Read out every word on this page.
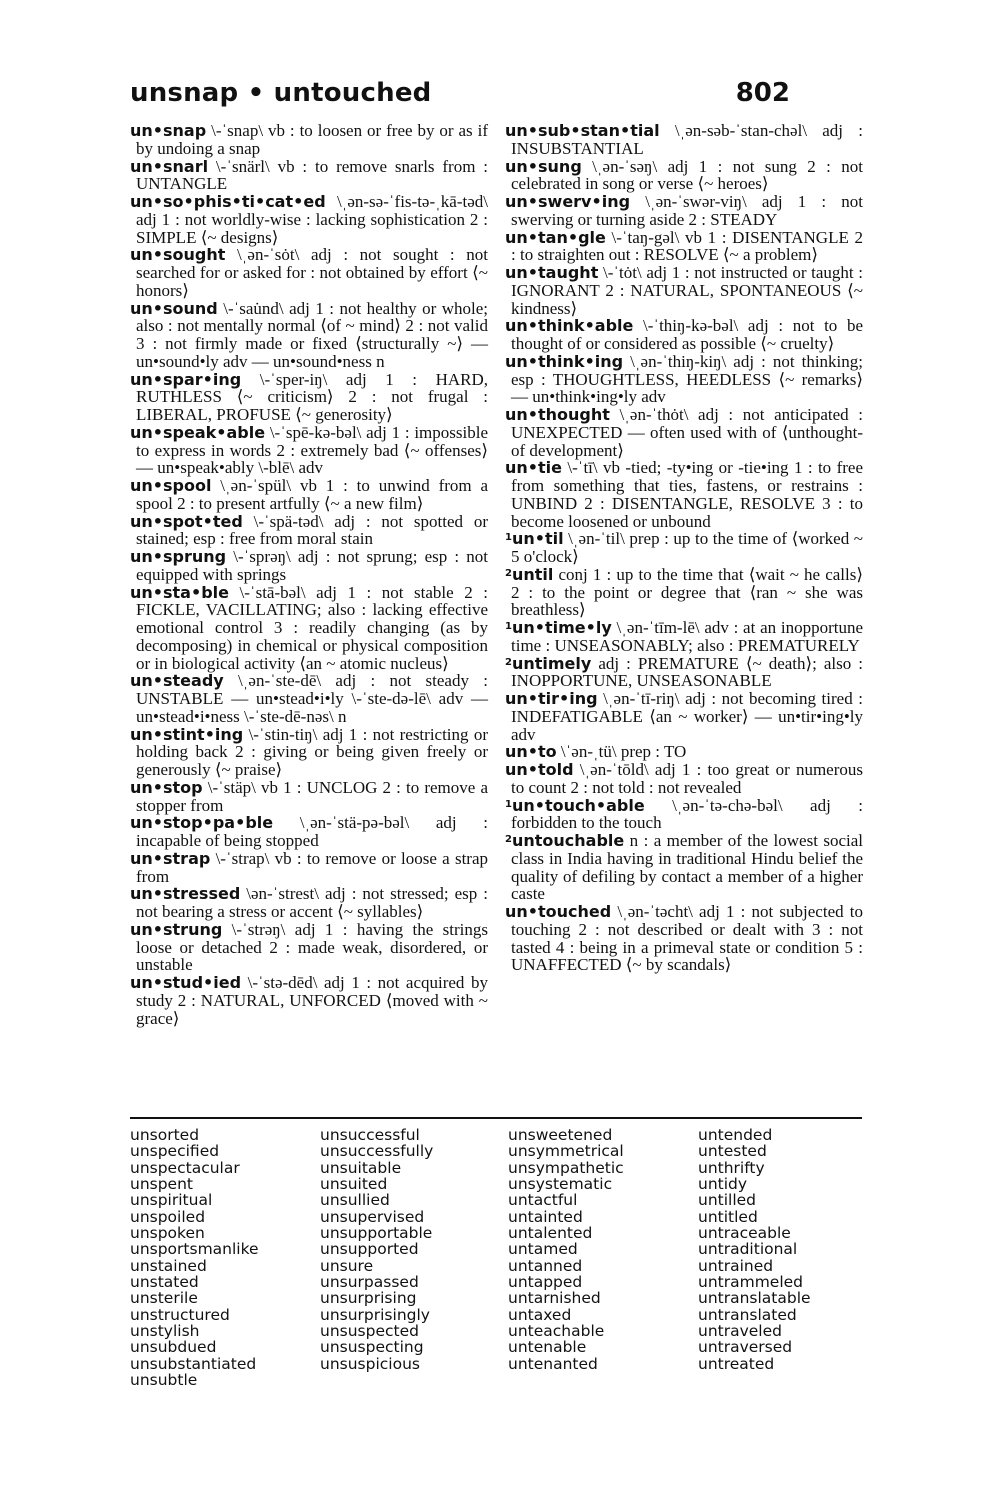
unsnap • untouched	802

un•snap \-ˈsnap\ vb : to loosen or free by or as if by undoing a snap

un•snarl \-ˈsnärl\ vb : to remove snarls from : UNTANGLE

un•so•phis•ti•cat•ed \ˌən-sə-ˈfis-tə-ˌkā-təd\ adj 1 : not worldly-wise : lacking sophistication 2 : SIMPLE ⟨~ designs⟩

un•sought \ˌən-ˈsȯt\ adj : not sought : not searched for or asked for : not obtained by effort ⟨~ honors⟩

un•sound \-ˈsau̇nd\ adj 1 : not healthy or whole; also : not mentally normal ⟨of ~ mind⟩ 2 : not valid 3 : not firmly made or fixed ⟨structurally ~⟩ — un•sound•ly adv — un•sound•ness n

un•spar•ing \-ˈsper-iŋ\ adj 1 : HARD, RUTHLESS ⟨~ criticism⟩ 2 : not frugal : LIBERAL, PROFUSE ⟨~ generosity⟩

un•speak•able \-ˈspē-kə-bəl\ adj 1 : impossible to express in words 2 : extremely bad ⟨~ offenses⟩ — un•speak•ably \-blē\ adv

un•spool \ˌən-ˈspül\ vb 1 : to unwind from a spool 2 : to present artfully ⟨~ a new film⟩

un•spot•ted \-ˈspä-təd\ adj : not spotted or stained; esp : free from moral stain

un•sprung \-ˈsprəŋ\ adj : not sprung; esp : not equipped with springs

un•sta•ble \-ˈstā-bəl\ adj 1 : not stable 2 : FICKLE, VACILLATING; also : lacking effective emotional control 3 : readily changing (as by decomposing) in chemical or physical composition or in biological activity ⟨an ~ atomic nucleus⟩

un•steady \ˌən-ˈste-dē\ adj : not steady : UNSTABLE — un•stead•i•ly \-ˈste-də-lē\ adv — un•stead•i•ness \-ˈste-dē-nəs\ n

un•stint•ing \-ˈstin-tiŋ\ adj 1 : not restricting or holding back 2 : giving or being given freely or generously ⟨~ praise⟩

un•stop \-ˈstäp\ vb 1 : UNCLOG 2 : to remove a stopper from

un•stop•pa•ble \ˌən-ˈstä-pə-bəl\ adj : incapable of being stopped

un•strap \-ˈstrap\ vb : to remove or loose a strap from

un•stressed \ən-ˈstrest\ adj : not stressed; esp : not bearing a stress or accent ⟨~ syllables⟩

un•strung \-ˈstrəŋ\ adj 1 : having the strings loose or detached 2 : made weak, disordered, or unstable

un•stud•ied \-ˈstə-dēd\ adj 1 : not acquired by study 2 : NATURAL, UNFORCED ⟨moved with ~ grace⟩

un•sub•stan•tial \ˌən-səb-ˈstan-chəl\ adj : INSUBSTANTIAL

un•sung \ˌən-ˈsəŋ\ adj 1 : not sung 2 : not celebrated in song or verse ⟨~ heroes⟩

un•swerv•ing \ˌən-ˈswər-viŋ\ adj 1 : not swerving or turning aside 2 : STEADY

un•tan•gle \-ˈtaŋ-gəl\ vb 1 : DISENTANGLE 2 : to straighten out : RESOLVE ⟨~ a problem⟩

un•taught \-ˈtȯt\ adj 1 : not instructed or taught : IGNORANT 2 : NATURAL, SPONTANEOUS ⟨~ kindness⟩

un•think•able \-ˈthiŋ-kə-bəl\ adj : not to be thought of or considered as possible ⟨~ cruelty⟩

un•think•ing \ˌən-ˈthiŋ-kiŋ\ adj : not thinking; esp : THOUGHTLESS, HEEDLESS ⟨~ remarks⟩ — un•think•ing•ly adv

un•thought \ˌən-ˈthȯt\ adj : not anticipated : UNEXPECTED — often used with of ⟨unthought-of development⟩

un•tie \-ˈtī\ vb -tied; -ty•ing or -tie•ing 1 : to free from something that ties, fastens, or restrains : UNBIND 2 : DISENTANGLE, RESOLVE 3 : to become loosened or unbound

$^1$un•til \ˌən-ˈtil\ prep : up to the time of ⟨worked ~ 5 o'clock⟩

$^2$until conj 1 : up to the time that ⟨wait ~ he calls⟩ 2 : to the point or degree that ⟨ran ~ she was breathless⟩

$^1$un•time•ly \ˌən-ˈtīm-lē\ adv : at an inopportune time : UNSEASONABLY; also : PREMATURELY

$^2$untimely adj : PREMATURE ⟨~ death⟩; also : INOPPORTUNE, UNSEASONABLE

un•tir•ing \ˌən-ˈtī-riŋ\ adj : not becoming tired : INDEFATIGABLE ⟨an ~ worker⟩ — un•tir•ing•ly adv

un•to \ˈən-ˌtü\ prep : TO

un•told \ˌən-ˈtōld\ adj 1 : too great or numerous to count 2 : not told : not revealed

$^1$un•touch•able \ˌən-ˈtə-chə-bəl\ adj : forbidden to the touch

$^2$untouchable n : a member of the lowest social class in India having in traditional Hindu belief the quality of defiling by contact a member of a higher caste

un•touched \ˌən-ˈtəcht\ adj 1 : not subjected to touching 2 : not described or dealt with 3 : not tasted 4 : being in a primeval state or condition 5 : UNAFFECTED ⟨~ by scandals⟩

unsorted
unspecified
unspectacular
unspent
unspiritual
unspoiled
unspoken
unsportsmanlike
unstained
unstated
unsterile
unstructured
unstylish
unsubdued
unsubstantiated
unsubtle
unsuccessful
unsuccessfully
unsuitable
unsuited
unsullied
unsupervised
unsupportable
unsupported
unsure
unsurpassed
unsurprising
unsurprisingly
unsuspected
unsuspecting
unsuspicious
unsweetened
unsymmetrical
unsympathetic
unsystematic
untactful
untainted
untalented
untamed
untanned
untapped
untarnished
untaxed
unteachable
untenable
untenanted
untended
untested
unthrifty
untidy
untilled
untitled
untraceable
untraditional
untrained
untrammeled
untranslatable
untranslated
untraveled
untraversed
untreated
